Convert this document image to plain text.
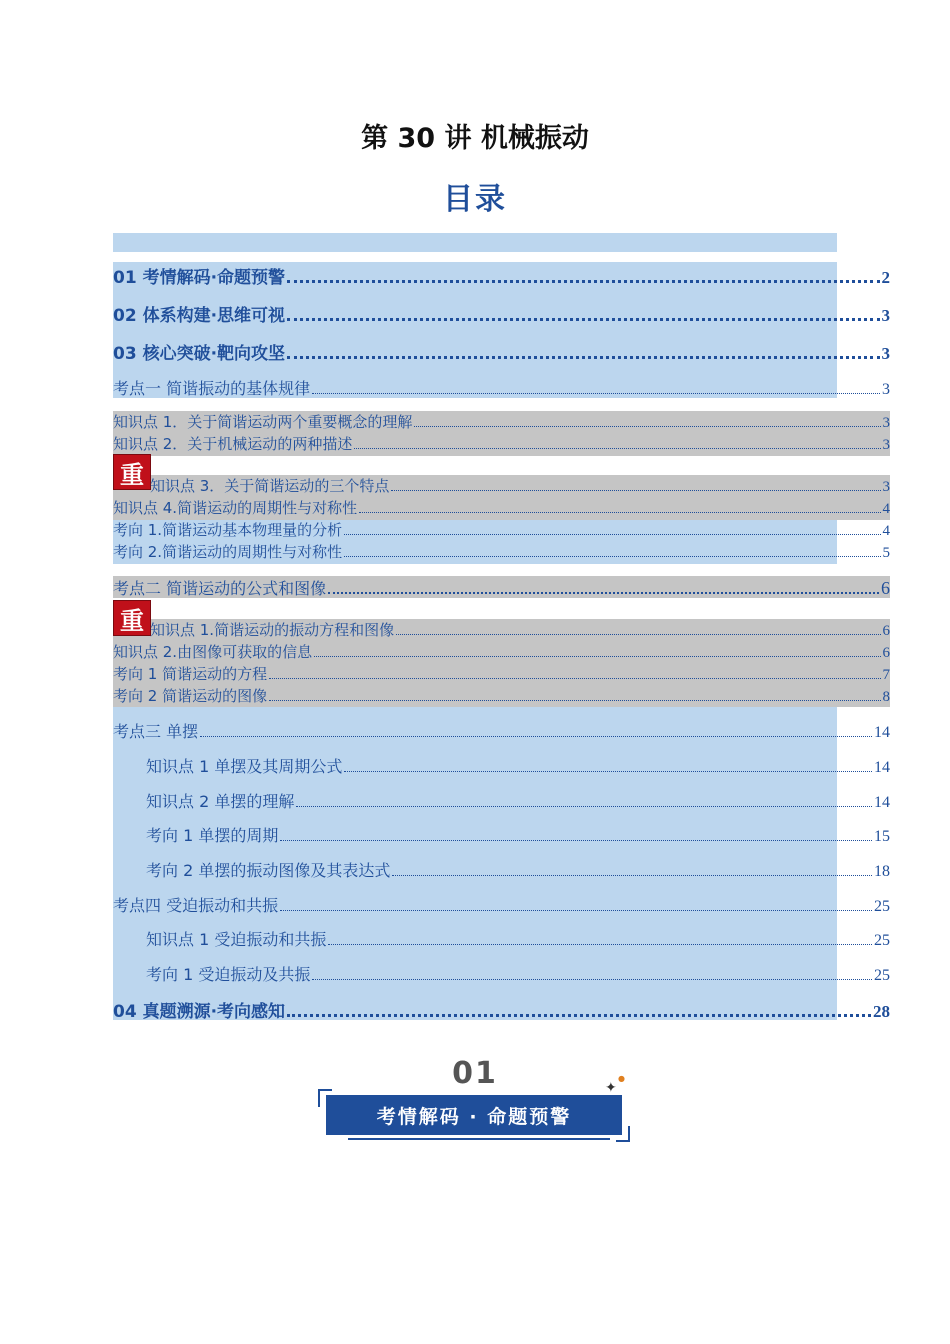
第 30 讲 机械振动
目录
01 考情解码·命题预警	2
02 体系构建·思维可视	3
03 核心突破·靶向攻坚	3
考点一 简谐振动的基体规律	3
知识点 1．关于简谐运动两个重要概念的理解	3
知识点 2．关于机械运动的两种描述	3
重 知识点 3．关于简谐运动的三个特点	3
知识点 4.简谐运动的周期性与对称性	4
考向 1.简谐运动基本物理量的分析	4
考向 2.简谐运动的周期性与对称性	5
考点二 简谐运动的公式和图像	6
重 知识点 1.简谐运动的振动方程和图像	6
知识点 2.由图像可获取的信息	6
考向 1 简谐运动的方程	7
考向 2 简谐运动的图像	8
考点三 单摆	14
知识点 1 单摆及其周期公式	14
知识点 2 单摆的理解	14
考向 1 单摆的周期	15
考向 2 单摆的振动图像及其表达式	18
考点四 受迫振动和共振	25
知识点 1 受迫振动和共振	25
考向 1 受迫振动及共振	25
04 真题溯源·考向感知	28
01
考情解码 · 命题预警
✦
●
